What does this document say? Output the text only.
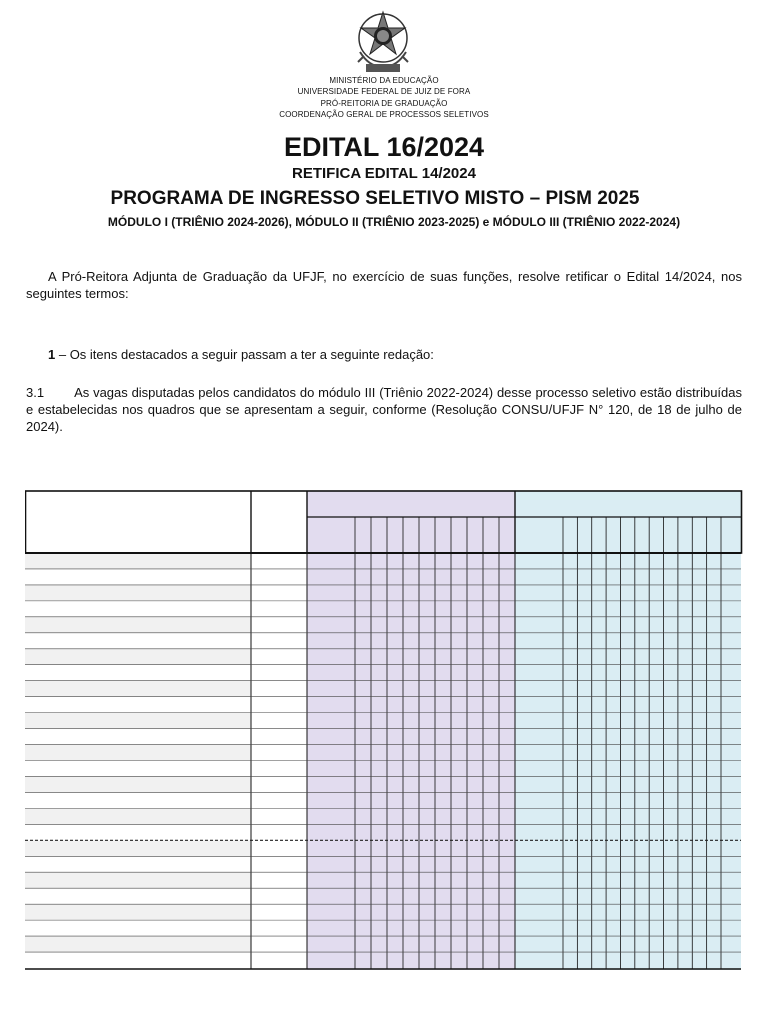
MINISTÉRIO DA EDUCAÇÃO
UNIVERSIDADE FEDERAL DE JUIZ DE FORA
PRÓ-REITORIA DE GRADUAÇÃO
COORDENAÇÃO GERAL DE PROCESSOS SELETIVOS
EDITAL 16/2024
RETIFICA EDITAL 14/2024
PROGRAMA DE INGRESSO SELETIVO MISTO – PISM 2025
MÓDULO I (TRIÊNIO 2024-2026), MÓDULO II (TRIÊNIO 2023-2025) e MÓDULO III (TRIÊNIO 2022-2024)
A Pró-Reitora Adjunta de Graduação da UFJF, no exercício de suas funções, resolve retificar o Edital 14/2024, nos seguintes termos:
1 – Os itens destacados a seguir passam a ter a seguinte redação:
3.1 As vagas disputadas pelos candidatos do módulo III (Triênio 2022-2024) desse processo seletivo estão distribuídas e estabelecidas nos quadros que se apresentam a seguir, conforme (Resolução CONSU/UFJF N° 120, de 18 de julho de 2024).
